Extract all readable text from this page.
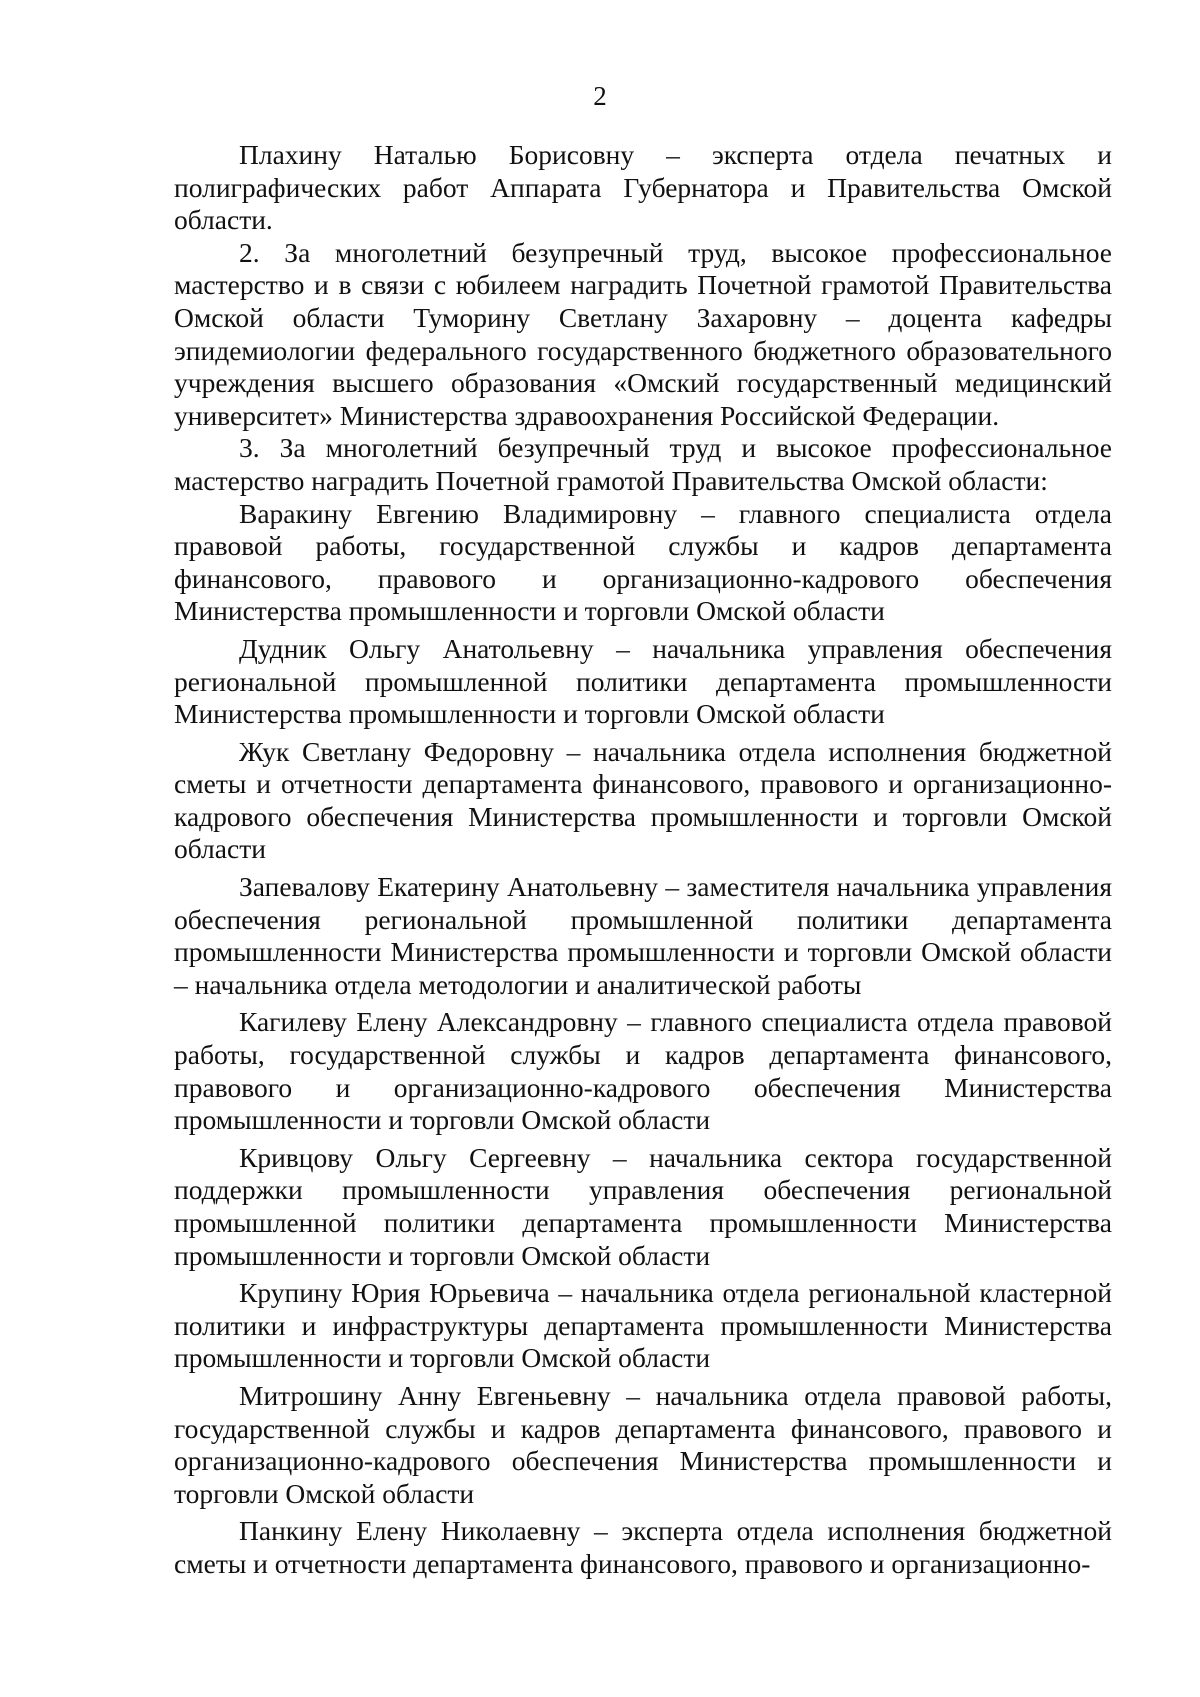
2

Плахину Наталью Борисовну – эксперта отдела печатных и полиграфических работ Аппарата Губернатора и Правительства Омской области.

2. За многолетний безупречный труд, высокое профессиональное мастерство и в связи с юбилеем наградить Почетной грамотой Правительства Омской области Туморину Светлану Захаровну – доцента кафедры эпидемиологии федерального государственного бюджетного образовательного учреждения высшего образования «Омский государственный медицинский университет» Министерства здравоохранения Российской Федерации.

3. За многолетний безупречный труд и высокое профессиональное мастерство наградить Почетной грамотой Правительства Омской области:

Варакину Евгению Владимировну – главного специалиста отдела правовой работы, государственной службы и кадров департамента финансового, правового и организационно-кадрового обеспечения Министерства промышленности и торговли Омской области

Дудник Ольгу Анатольевну – начальника управления обеспечения региональной промышленной политики департамента промышленности Министерства промышленности и торговли Омской области

Жук Светлану Федоровну – начальника отдела исполнения бюджетной сметы и отчетности департамента финансового, правового и организационно-кадрового обеспечения Министерства промышленности и торговли Омской области

Запевалову Екатерину Анатольевну – заместителя начальника управления обеспечения региональной промышленной политики департамента промышленности Министерства промышленности и торговли Омской области – начальника отдела методологии и аналитической работы

Кагилеву Елену Александровну – главного специалиста отдела правовой работы, государственной службы и кадров департамента финансового, правового и организационно-кадрового обеспечения Министерства промышленности и торговли Омской области

Кривцову Ольгу Сергеевну – начальника сектора государственной поддержки промышленности управления обеспечения региональной промышленной политики департамента промышленности Министерства промышленности и торговли Омской области

Крупину Юрия Юрьевича – начальника отдела региональной кластерной политики и инфраструктуры департамента промышленности Министерства промышленности и торговли Омской области

Митрошину Анну Евгеньевну – начальника отдела правовой работы, государственной службы и кадров департамента финансового, правового и организационно-кадрового обеспечения Министерства промышленности и торговли Омской области

Панкину Елену Николаевну – эксперта отдела исполнения бюджетной сметы и отчетности департамента финансового, правового и организационно-
